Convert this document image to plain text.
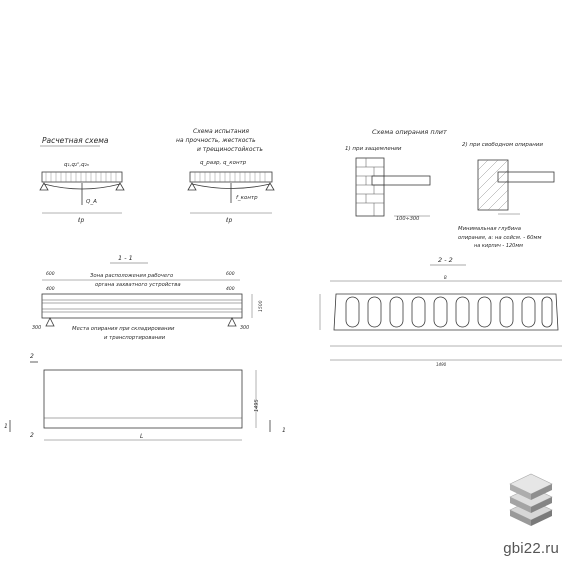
Расчетная схема
q₁,q₂ⁿ,q₂ₙ
Q_A
ℓр
Схема испытания
на прочность, жесткость
и трещиностойкость
q_разр, q_контр
f_контр
ℓр
Схема опирания плит
1) при защемлении
2) при свободном опирании
100÷300
Минимальная глубина
опирания, а: на сейсм. - 60мм
на кирпич - 120мм
1 - 1
Зона расположения рабочего
органа захватного устройства
600
400
600
400
1500
300	300
Места опирания при складировании
и транспортировании
2 - 2
B
1490
2
1495
L
1
2
1
gbi22.ru
